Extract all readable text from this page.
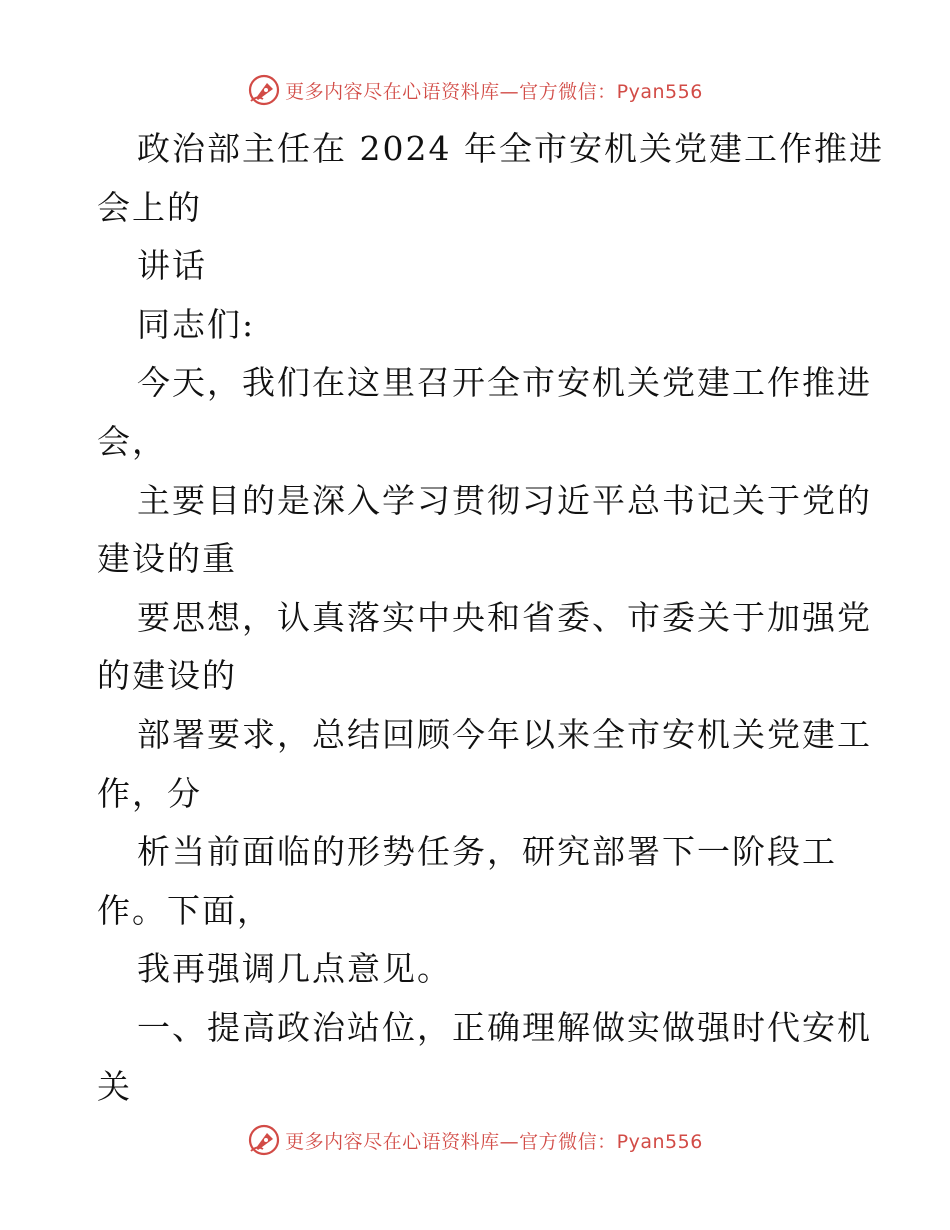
更多内容尽在心语资料库—官方微信：Pyan556
政治部主任在 2024 年全市安机关党建工作推进
会上的
讲话
同志们:
今天，我们在这里召开全市安机关党建工作推进
会，
主要目的是深入学习贯彻习近平总书记关于党的
建设的重
要思想，认真落实中央和省委、市委关于加强党
的建设的
部署要求，总结回顾今年以来全市安机关党建工
作，分
析当前面临的形势任务，研究部署下一阶段工
作。下面，
我再强调几点意见。
一、提高政治站位，正确理解做实做强时代安机
关
更多内容尽在心语资料库—官方微信：Pyan556
